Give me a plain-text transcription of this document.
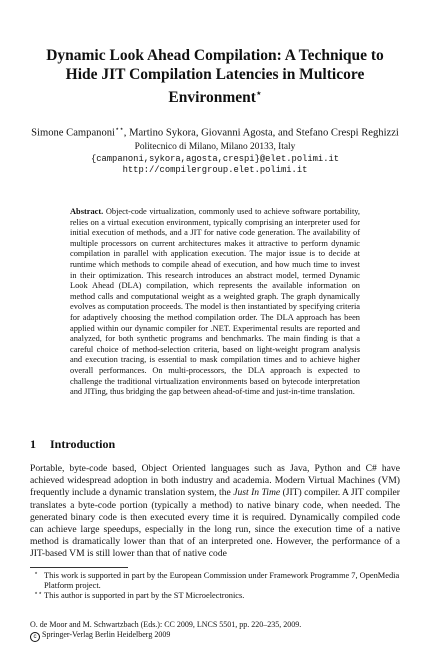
Dynamic Look Ahead Compilation: A Technique to Hide JIT Compilation Latencies in Multicore Environment⋆
Simone Campanoni⋆⋆, Martino Sykora, Giovanni Agosta, and Stefano Crespi Reghizzi
Politecnico di Milano, Milano 20133, Italy
{campanoni,sykora,agosta,crespi}@elet.polimi.it
http://compilergroup.elet.polimi.it

Abstract. Object-code virtualization, commonly used to achieve software portability, relies on a virtual execution environment, typically comprising an interpreter used for initial execution of methods, and a JIT for native code generation. The availability of multiple processors on current architectures makes it attractive to perform dynamic compilation in parallel with application execution. The major issue is to decide at runtime which methods to compile ahead of execution, and how much time to invest in their optimization. This research introduces an abstract model, termed Dynamic Look Ahead (DLA) compilation, which represents the available information on method calls and computational weight as a weighted graph. The graph dynamically evolves as computation proceeds. The model is then instantiated by specifying criteria for adaptively choosing the method compilation order. The DLA approach has been applied within our dynamic compiler for .NET. Experimental results are reported and analyzed, for both synthetic programs and benchmarks. The main finding is that a careful choice of method-selection criteria, based on light-weight program analysis and execution tracing, is essential to mask compilation times and to achieve higher overall performances. On multi-processors, the DLA approach is expected to challenge the traditional virtualization environments based on bytecode interpretation and JITing, thus bridging the gap between ahead-of-time and just-in-time translation.

1 Introduction

Portable, byte-code based, Object Oriented languages such as Java, Python and C# have achieved widespread adoption in both industry and academia. Modern Virtual Machines (VM) frequently include a dynamic translation system, the Just In Time (JIT) compiler. A JIT compiler translates a byte-code portion (typically a method) to native binary code, when needed. The generated binary code is then executed every time it is required. Dynamically compiled code can achieve large speedups, especially in the long run, since the execution time of a native method is dramatically lower than that of an interpreted one. However, the performance of a JIT-based VM is still lower than that of native code

⋆ This work is supported in part by the European Commission under Framework Programme 7, OpenMedia Platform project.
⋆⋆ This author is supported in part by the ST Microelectronics.
O. de Moor and M. Schwartzbach (Eds.): CC 2009, LNCS 5501, pp. 220–235, 2009.
c Springer-Verlag Berlin Heidelberg 2009
